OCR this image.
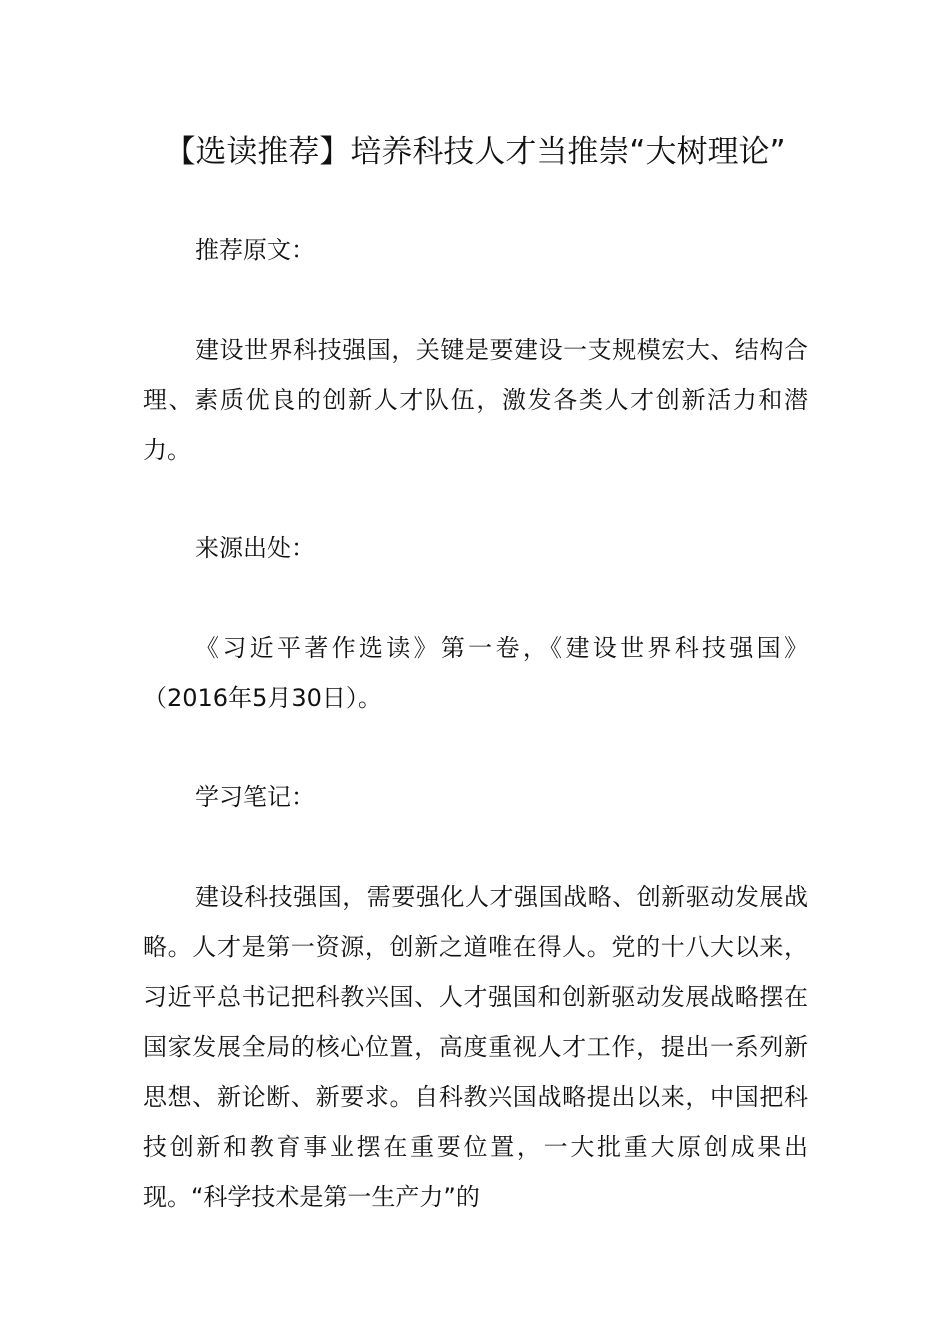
【选读推荐】培养科技人才当推崇“大树理论”

推荐原文：

建设世界科技强国，关键是要建设一支规模宏大、结构合理、素质优良的创新人才队伍，激发各类人才创新活力和潜力。

来源出处：

《习近平著作选读》第一卷，《建设世界科技强国》（2016年5月30日）。

学习笔记：

建设科技强国，需要强化人才强国战略、创新驱动发展战略。人才是第一资源，创新之道唯在得人。党的十八大以来，习近平总书记把科教兴国、人才强国和创新驱动发展战略摆在国家发展全局的核心位置，高度重视人才工作，提出一系列新思想、新论断、新要求。自科教兴国战略提出以来，中国把科技创新和教育事业摆在重要位置，一大批重大原创成果出现。“科学技术是第一生产力”的
